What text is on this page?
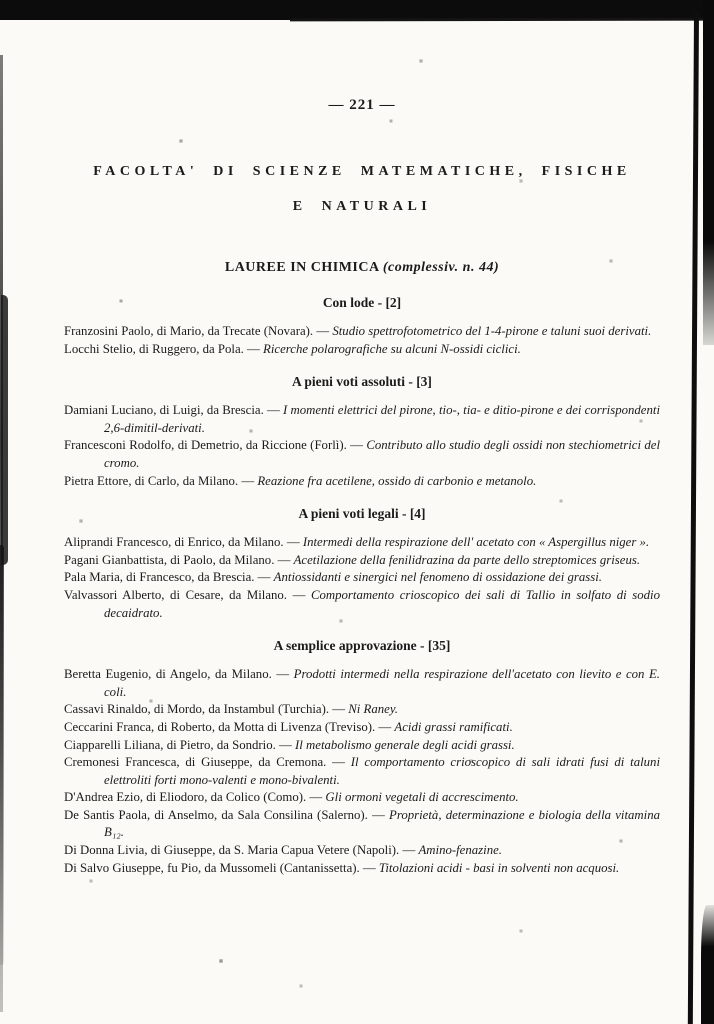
— 221 —
FACOLTA' DI SCIENZE MATEMATICHE, FISICHE
E NATURALI
LAUREE IN CHIMICA (complessiv. n. 44)
Con lode - [2]

Franzosini Paolo, di Mario, da Trecate (Novara). — Studio spettrofotometrico del 1-4-pirone e taluni suoi derivati.

Locchi Stelio, di Ruggero, da Pola. — Ricerche polarografiche su alcuni N-ossidi ciclici.

A pieni voti assoluti - [3]

Damiani Luciano, di Luigi, da Brescia. — I momenti elettrici del pirone, tio-, tia- e ditio-pirone e dei corrispondenti 2,6-dimitil-derivati.

Francesconi Rodolfo, di Demetrio, da Riccione (Forlì). — Contributo allo studio degli ossidi non stechiometrici del cromo.

Pietra Ettore, di Carlo, da Milano. — Reazione fra acetilene, ossido di carbonio e metanolo.

A pieni voti legali - [4]

Aliprandi Francesco, di Enrico, da Milano. — Intermedi della respirazione dell' acetato con « Aspergillus niger ».

Pagani Gianbattista, di Paolo, da Milano. — Acetilazione della fenilidrazina da parte dello streptomices griseus.

Pala Maria, di Francesco, da Brescia. — Antiossidanti e sinergici nel fenomeno di ossidazione dei grassi.

Valvassori Alberto, di Cesare, da Milano. — Comportamento crioscopico dei sali di Tallio in solfato di sodio decaidrato.

A semplice approvazione - [35]

Beretta Eugenio, di Angelo, da Milano. — Prodotti intermedi nella respirazione dell'acetato con lievito e con E. coli.

Cassavi Rinaldo, di Mordo, da Instambul (Turchia). — Ni Raney.

Ceccarini Franca, di Roberto, da Motta di Livenza (Treviso). — Acidi grassi ramificati.

Ciapparelli Liliana, di Pietro, da Sondrio. — Il metabolismo generale degli acidi grassi.

Cremonesi Francesca, di Giuseppe, da Cremona. — Il comportamento crioscopico di sali idrati fusi di taluni elettroliti forti mono-valenti e mono-bivalenti.

D'Andrea Ezio, di Eliodoro, da Colico (Como). — Gli ormoni vegetali di accrescimento.

De Santis Paola, di Anselmo, da Sala Consilina (Salerno). — Proprietà, determinazione e biologia della vitamina B₁₂.

Di Donna Livia, di Giuseppe, da S. Maria Capua Vetere (Napoli). — Amino-fenazine.

Di Salvo Giuseppe, fu Pio, da Mussomeli (Cantanissetta). — Titolazioni acidi - basi in solventi non acquosi.
